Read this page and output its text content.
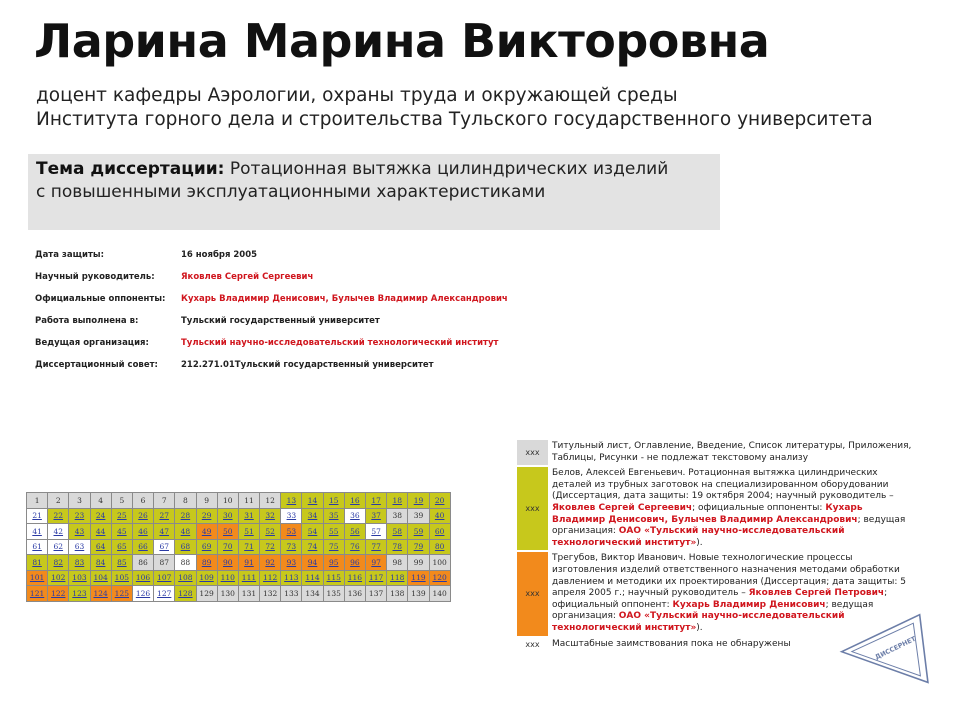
Ларина Марина Викторовна
доцент кафедры Аэрологии, охраны труда и окружающей среды
Института горного дела и строительства Тульского государственного университета
Тема диссертации: Ротационная вытяжка цилиндрических изделий
с повышенными эксплуатационными характеристиками
Дата защиты:	16 ноября 2005
Научный руководитель:	Яковлев Сергей Сергеевич
Официальные оппоненты: Кухарь Владимир Денисович, Булычев Владимир Александрович
Работа выполнена в:	Тульский государственный университет
Ведущая организация:	Тульский научно-исследовательский технологический институт
Диссертационный совет:	212.271.01Тульский государственный университет
1	2	3	4	5	6	7	8	9	10	11	12	13	14	15	16	17	18	19	20
21	22	23	24	25	26	27	28	29	30	31	32	33	34	35	36	37	38	39	40
41	42	43	44	45	46	47	48	49	50	51	52	53	54	55	56	57	58	59	60
61	62	63	64	65	66	67	68	69	70	71	72	73	74	75	76	77	78	79	80
81	82	83	84	85	86	87	88	89	90	91	92	93	94	95	96	97	98	99	100
101	102	103	104	105	106	107	108	109	110	111	112	113	114	115	116	117	118	119	120
121	122	123	124	125	126	127	128	129	130	131	132	133	134	135	136	137	138	139	140
xxx
Титульный лист, Оглавление, Введение, Список литературы, Приложения, Таблицы, Рисунки - не подлежат текстовому анализу
xxx
Белов, Алексей Евгеньевич. Ротационная вытяжка цилиндрических деталей из трубных заготовок на специализированном оборудовании (Диссертация, дата защиты: 19 октября 2004; научный руководитель – Яковлев Сергей Сергеевич; официальные оппоненты: Кухарь Владимир Денисович, Булычев Владимир Александрович; ведущая организация: ОАО «Тульский научно-исследовательский технологический институт»).
xxx
Трегубов, Виктор Иванович. Новые технологические процессы изготовления изделий ответственного назначения методами обработки давлением и методики их проектирования (Диссертация; дата защиты: 5 апреля 2005 г.; научный руководитель – Яковлев Сергей Петрович; официальный оппонент: Кухарь Владимир Денисович; ведущая организация: ОАО «Тульский научно-исследовательский технологический институт»).
xxx	Масштабные заимствования пока не обнаружены	ДИССЕРНЕТ
